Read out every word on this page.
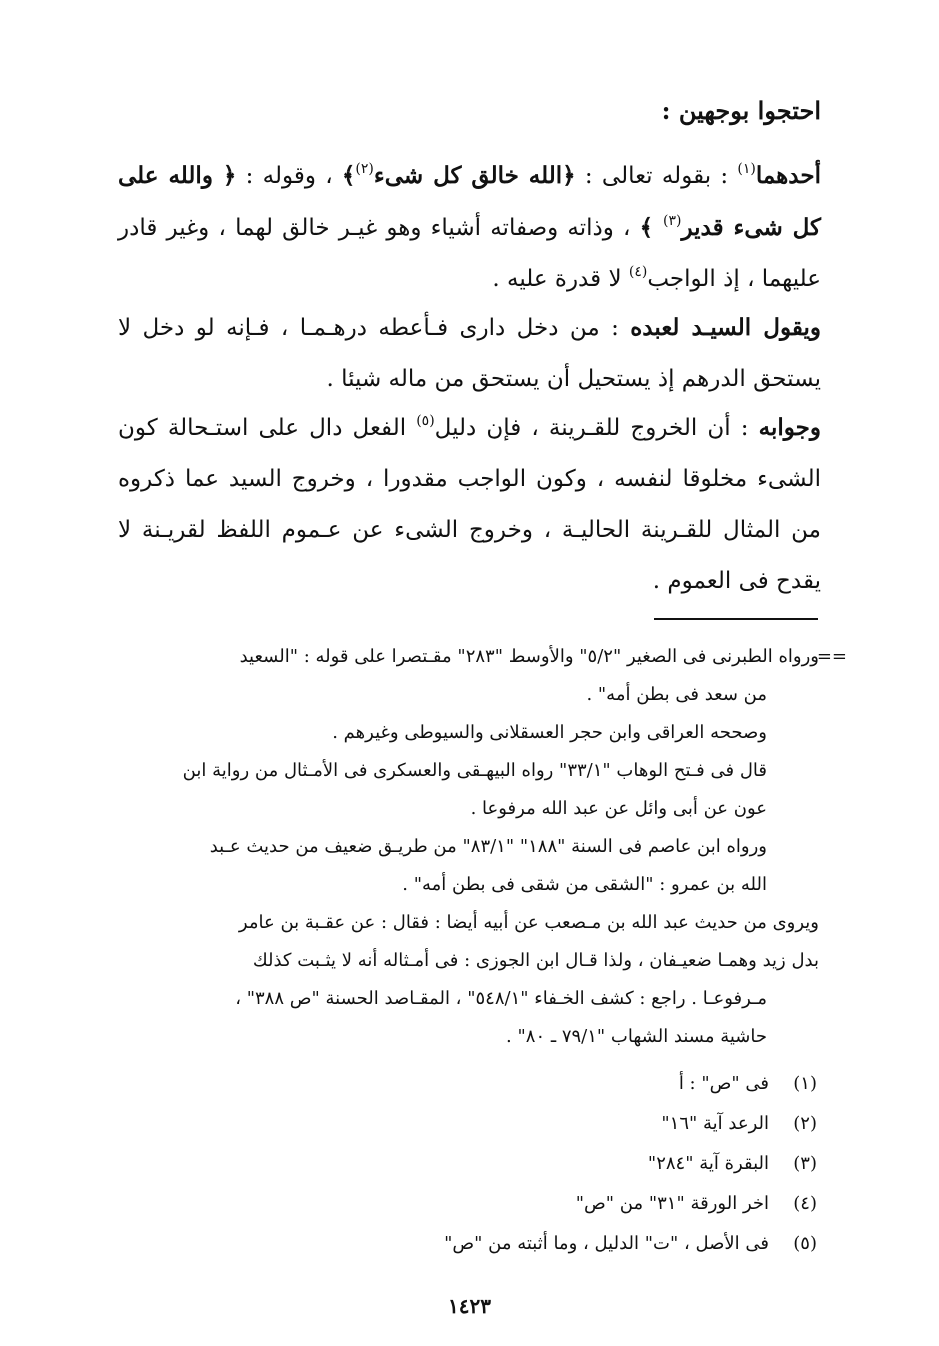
احتجوا بوجهين :

أحدهما$^{(١)}$ : بقوله تعالى : ﴿الله خالق كل شىء$^{(٢)}$﴾ ، وقوله : ﴿ والله على كل شىء قدير$^{(٣)}$ ﴾ ، وذاته وصفاته أشياء وهو غيـر خالق لهما ، وغير قادر عليهما ، إذ الواجب$^{(٤)}$ لا قدرة عليه .

ويقول السيـد لعبده : من دخل دارى فـأعطه درهـمـا ، فـإنه لو دخل لا يستحق الدرهم إذ يستحيل أن يستحق من ماله شيئا .

وجوابه : أن الخروج للقـرينة ، فإن دليل$^{(٥)}$ الفعل دال على استـحالة كون الشىء مخلوقا لنفسه ، وكون الواجب مقدورا ، وخروج السيد عما ذكروه من المثال للقـرينة الحاليـة ، وخروج الشىء عن عـموم اللفظ لقريـنة لا يقدح فى العموم .

==
ورواه الطبرنى فى الصغير "٥/٢" والأوسط "٢٨٣" مقـتصرا على قوله : "السعيد
من سعد فى بطن أمه" .
وصححه العراقى وابن حجر العسقلانى والسيوطى وغيرهم .
قال فى فـتح الوهاب "٣٣/١" رواه البيهـقى والعسكرى فى الأمـثال من رواية ابن
عون عن أبى وائل عن عبد الله مرفوعا .
ورواه ابن عاصم فى السنة "١٨٨" "٨٣/١" من طريـق ضعيف من حديث عـبد
الله بن عمرو : "الشقى من شقى فى بطن أمه" .
ويروى من حديث عبد الله بن مـصعب عن أبيه أيضا : فقال : عن عقـبة بن عامر
بدل زيد وهمـا ضعيـفان ، ولذا قـال ابن الجوزى : فى أمـثاله أنه لا يثـبت كذلك
مـرفوعـا . راجع : كشف الخـفاء "٥٤٨/١" ، المقـاصد الحسنة "ص ٣٨٨" ،
حاشية مسند الشهاب "٧٩/١ ـ ٨٠" .
(١)
فى "ص" : أ
(٢)
الرعد آية "١٦"
(٣)
البقرة آية "٢٨٤"
(٤)
اخر الورقة "٣١" من "ص"
(٥)
فى الأصل ، "ت" الدليل ، وما أثبته من "ص"
١٤٢٣
